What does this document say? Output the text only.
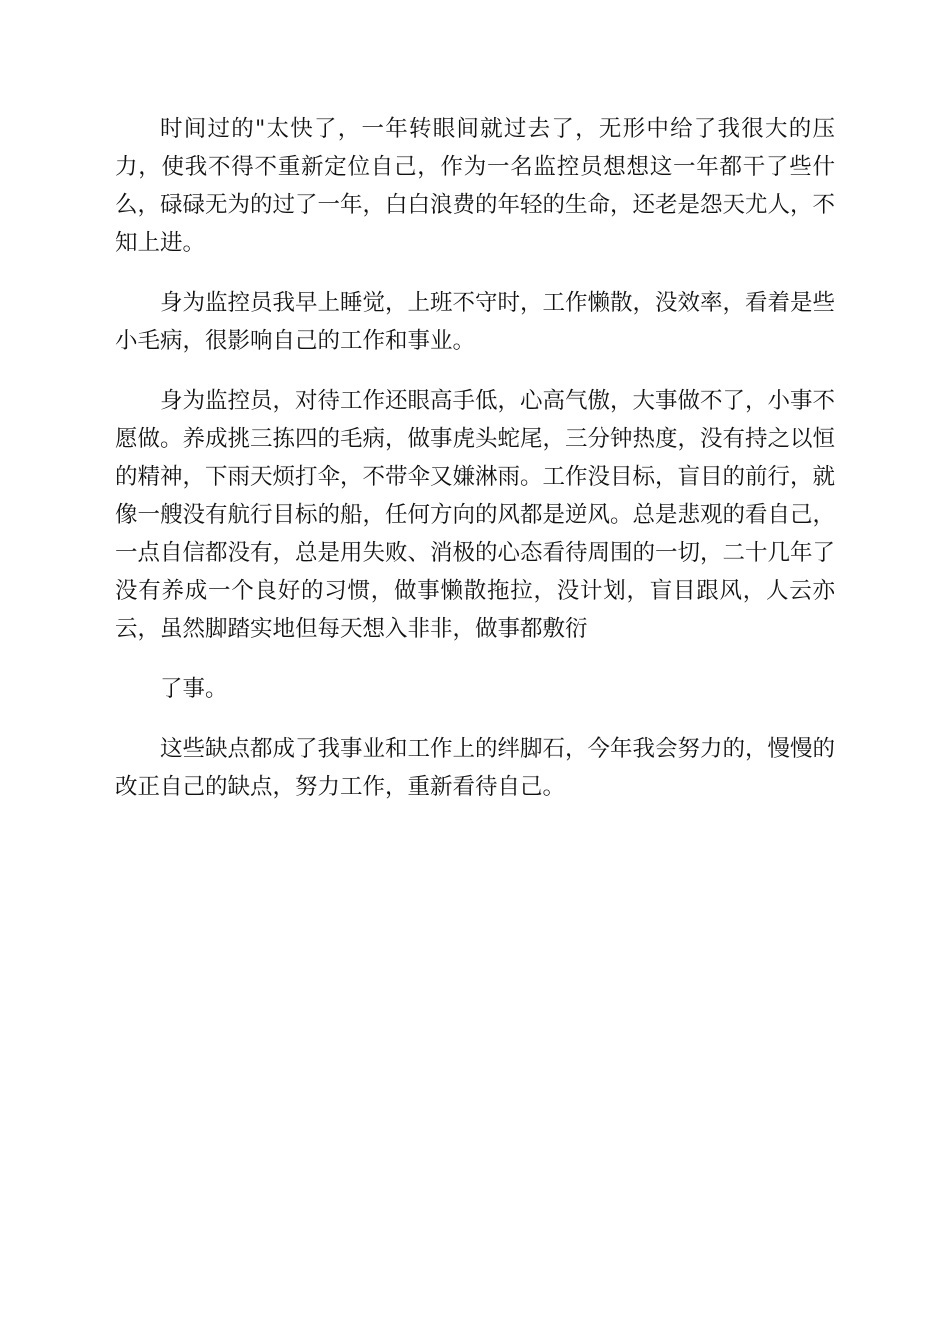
时间过的"太快了，一年转眼间就过去了，无形中给了我很大的压力，使我不得不重新定位自己，作为一名监控员想想这一年都干了些什么，碌碌无为的过了一年，白白浪费的年轻的生命，还老是怨天尤人，不知上进。

身为监控员我早上睡觉，上班不守时，工作懒散，没效率，看着是些小毛病，很影响自己的工作和事业。

身为监控员，对待工作还眼高手低，心高气傲，大事做不了，小事不愿做。养成挑三拣四的毛病，做事虎头蛇尾，三分钟热度，没有持之以恒的精神，下雨天烦打伞，不带伞又嫌淋雨。工作没目标，盲目的前行，就像一艘没有航行目标的船，任何方向的风都是逆风。总是悲观的看自己，一点自信都没有，总是用失败、消极的心态看待周围的一切，二十几年了没有养成一个良好的习惯，做事懒散拖拉，没计划，盲目跟风，人云亦云，虽然脚踏实地但每天想入非非，做事都敷衍

了事。

这些缺点都成了我事业和工作上的绊脚石，今年我会努力的，慢慢的改正自己的缺点，努力工作，重新看待自己。
